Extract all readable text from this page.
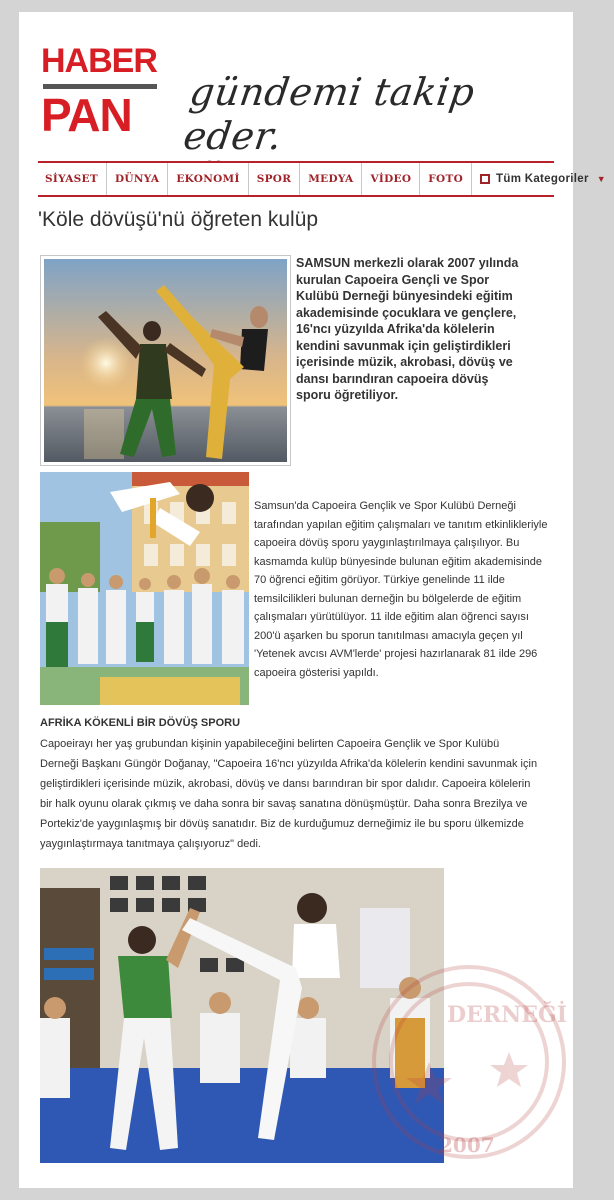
HABER
PAN gündemi takip eder.
SİYASET	DÜNYA	EKONOMİ	SPOR	MEDYA	VİDEO	FOTO	Tüm Kategoriler ▼
'Köle dövüşü'nü öğreten kulüp
SAMSUN merkezli olarak 2007 yılında kurulan Capoeira Gençli ve Spor Kulübü Derneği bünyesindeki eğitim akademisinde çocuklara ve gençlere, 16'ncı yüzyılda Afrika'da kölelerin kendini savunmak için geliştirdikleri içerisinde müzik, akrobasi, dövüş ve dansı barındıran capoeira dövüş sporu öğretiliyor.
Samsun'da Capoeira Gençlik ve Spor Kulübü Derneği tarafından yapılan eğitim çalışmaları ve tanıtım etkinlikleriyle capoeira dövüş sporu yaygınlaştırılmaya çalışılıyor. Bu kasmamda kulüp bünyesinde bulunan eğitim akademisinde 70 öğrenci eğitim görüyor. Türkiye genelinde 11 ilde temsilcilikleri bulunan derneğin bu bölgelerde de eğitim çalışmaları yürütülüyor. 11 ilde eğitim alan öğrenci sayısı 200'ü aşarken bu sporun tanıtılması amacıyla geçen yıl 'Yetenek avcısı AVM'lerde' projesi hazırlanarak 81 ilde 296 capoeira gösterisi yapıldı.
AFRİKA KÖKENLİ BİR DÖVÜŞ SPORU
Capoeirayı her yaş grubundan kişinin yapabileceğini belirten Capoeira Gençlik ve Spor Kulübü Derneği Başkanı Güngör Doğanay, "Capoeira 16'ncı yüzyılda Afrika'da kölelerin kendini savunmak için geliştirdikleri içerisinde müzik, akrobasi, dövüş ve dansı barındıran bir spor dalıdır. Capoeira kölelerin bir halk oyunu olarak çıkmış ve daha sonra bir savaş sanatına dönüşmüştür. Daha sonra Brezilya ve Portekiz'de yaygınlaşmış bir dövüş sanatıdır. Biz de kurduğumuz derneğimiz ile bu sporu ülkemizde yaygınlaştırmaya tanıtmaya çalışıyoruz" dedi.
DERNEĞİ
2007
